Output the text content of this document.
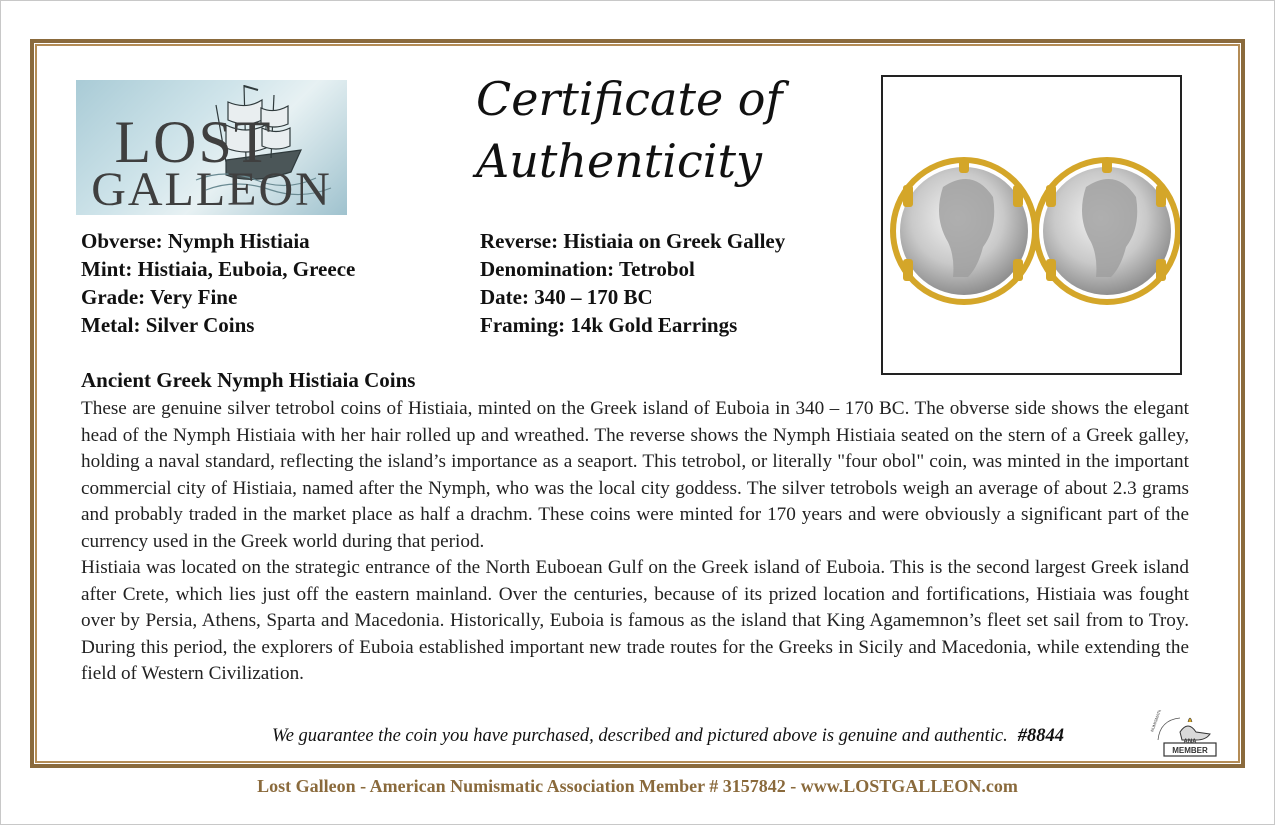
LOST
GALLEON
Certificate of
Authenticity
Obverse: Nymph Histiaia
Mint: Histiaia, Euboia, Greece
Grade: Very Fine
Metal: Silver Coins
Reverse: Histiaia on Greek Galley
Denomination: Tetrobol
Date: 340 – 170 BC
Framing: 14k Gold Earrings
Ancient Greek Nymph Histiaia Coins

These are genuine silver tetrobol coins of Histiaia, minted on the Greek island of Euboia in 340 – 170 BC. The obverse side shows the elegant head of the Nymph Histiaia with her hair rolled up and wreathed. The reverse shows the Nymph Histiaia seated on the stern of a Greek galley, holding a naval standard, reflecting the island’s importance as a seaport. This tetrobol, or literally "four obol" coin, was minted in the important commercial city of Histiaia, named after the Nymph, who was the local city goddess. The silver tetrobols weigh an average of about 2.3 grams and probably traded in the market place as half a drachm. These coins were minted for 170 years and were obviously a significant part of the currency used in the Greek world during that period.

Histiaia was located on the strategic entrance of the North Euboean Gulf on the Greek island of Euboia. This is the second largest Greek island after Crete, which lies just off the eastern mainland. Over the centuries, because of its prized location and fortifications, Histiaia was fought over by Persia, Athens, Sparta and Macedonia. Historically, Euboia is famous as the island that King Agamemnon’s fleet set sail from to Troy. During this period, the explorers of Euboia established important new trade routes for the Greeks in Sicily and Macedonia, while extending the field of Western Civilization.

We guarantee the coin you have purchased, described and pictured above is genuine and authentic. #8844
NUMISMATIC
ANA
MEMBER
Lost Galleon - American Numismatic Association Member # 3157842 - www.LOSTGALLEON.com
